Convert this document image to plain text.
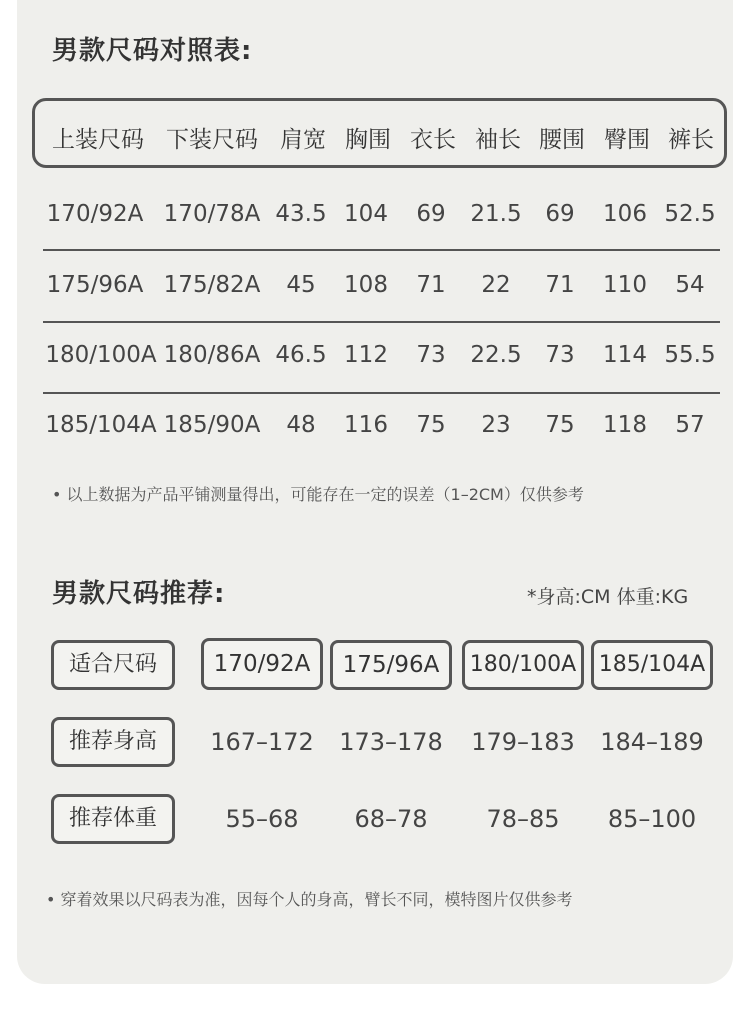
男款尺码对照表:
上装尺码 下装尺码 肩宽 胸围 衣长 袖长 腰围 臀围 裤长
170/92A 170/78A 43.5 104 69 21.5 69 106 52.5
175/96A 175/82A 45 108 71 22 71 110 54
180/100A 180/86A 46.5 112 73 22.5 73 114 55.5
185/104A 185/90A 48 116 75 23 75 118 57
• 以上数据为产品平铺测量得出，可能存在一定的误差（1–2CM）仅供参考
男款尺码推荐:	*身高:CM 体重:KG
适合尺码	170/92A	175/96A	180/100A 185/104A
推荐身高	167–172 173–178 179–183 184–189
推荐体重	55–68 68–78 78–85 85–100
• 穿着效果以尺码表为准，因每个人的身高，臂长不同，模特图片仅供参考
